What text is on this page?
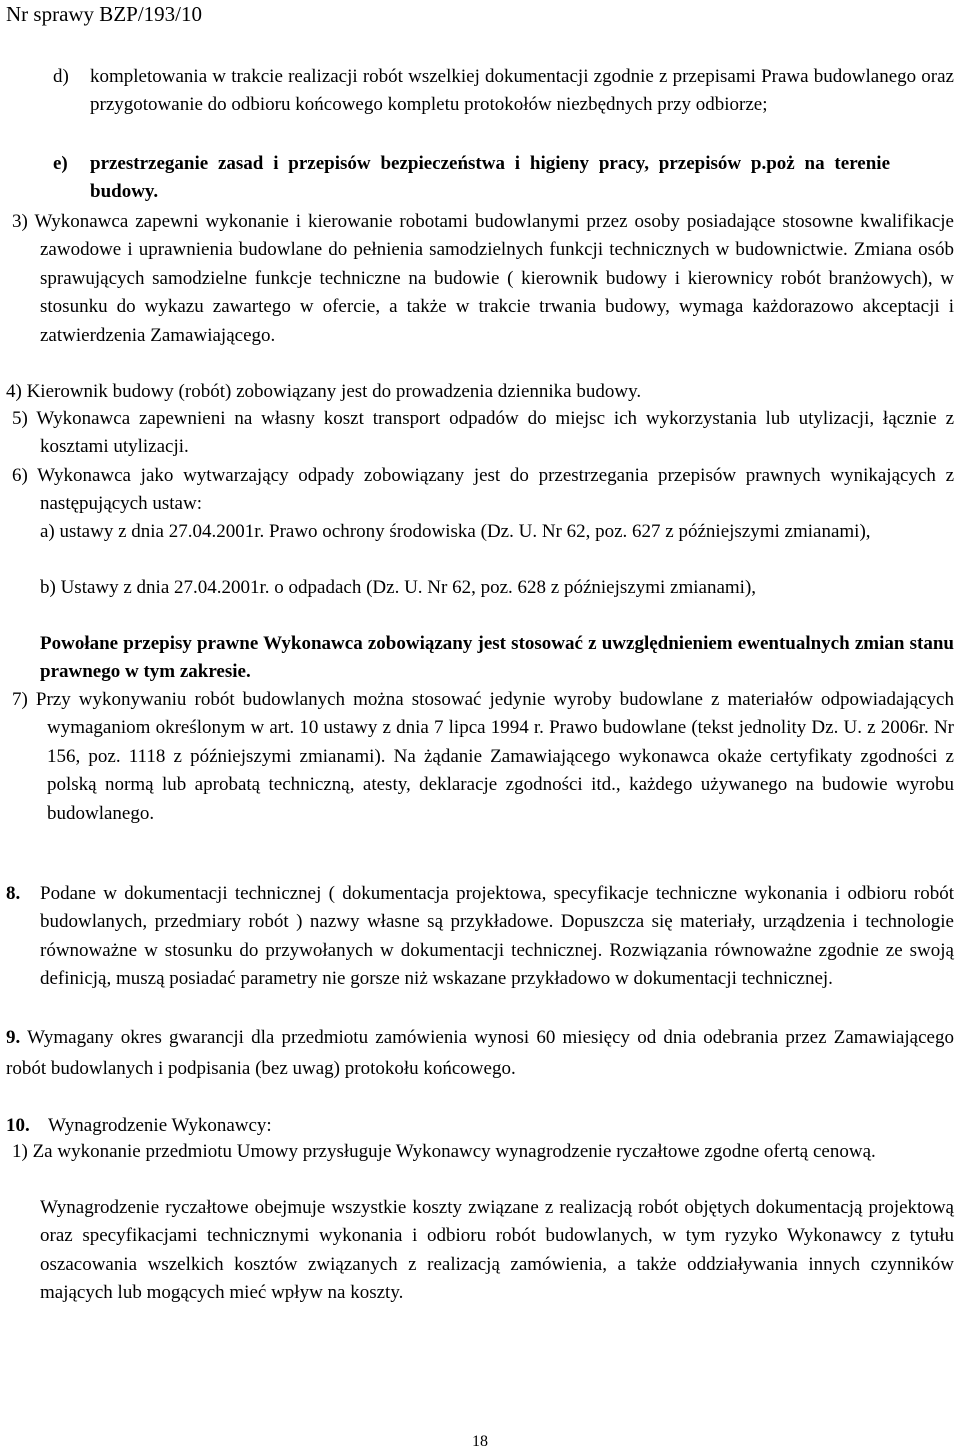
Nr sprawy BZP/193/10
d) kompletowania w trakcie realizacji robót wszelkiej dokumentacji zgodnie z przepisami Prawa budowlanego oraz przygotowanie do odbioru końcowego kompletu protokołów niezbędnych przy odbiorze;

e) przestrzeganie zasad i przepisów bezpieczeństwa i higieny pracy, przepisów p.poż na terenie budowy.

3) Wykonawca zapewni wykonanie i kierowanie robotami budowlanymi przez osoby posiadające stosowne kwalifikacje zawodowe i uprawnienia budowlane do pełnienia samodzielnych funkcji technicznych w budownictwie. Zmiana osób sprawujących samodzielne funkcje techniczne na budowie ( kierownik budowy i kierownicy robót branżowych), w stosunku do wykazu zawartego w ofercie, a także w trakcie trwania budowy, wymaga każdorazowo akceptacji i zatwierdzenia Zamawiającego.

4) Kierownik budowy (robót) zobowiązany jest do prowadzenia dziennika budowy.

5) Wykonawca zapewnieni na własny koszt transport odpadów do miejsc ich wykorzystania lub utylizacji, łącznie z kosztami utylizacji.

6) Wykonawca jako wytwarzający odpady zobowiązany jest do przestrzegania przepisów prawnych wynikających z następujących ustaw:

a) ustawy z dnia 27.04.2001r. Prawo ochrony środowiska (Dz. U. Nr 62, poz. 627 z późniejszymi zmianami),

b) Ustawy z dnia 27.04.2001r. o odpadach (Dz. U. Nr 62, poz. 628 z późniejszymi zmianami),

Powołane przepisy prawne Wykonawca zobowiązany jest stosować z uwzględnieniem ewentualnych zmian stanu prawnego w tym zakresie.

7) Przy wykonywaniu robót budowlanych można stosować jedynie wyroby budowlane z materiałów odpowiadających wymaganiom określonym w art. 10 ustawy z dnia 7 lipca 1994 r. Prawo budowlane (tekst jednolity Dz. U. z 2006r. Nr 156, poz. 1118 z późniejszymi zmianami). Na żądanie Zamawiającego wykonawca okaże certyfikaty zgodności z polską normą lub aprobatą techniczną, atesty, deklaracje zgodności itd., każdego używanego na budowie wyrobu budowlanego.

8. Podane w dokumentacji technicznej ( dokumentacja projektowa, specyfikacje techniczne wykonania i odbioru robót budowlanych, przedmiary robót ) nazwy własne są przykładowe. Dopuszcza się materiały, urządzenia i technologie równoważne w stosunku do przywołanych w dokumentacji technicznej. Rozwiązania równoważne zgodnie ze swoją definicją, muszą posiadać parametry nie gorsze niż wskazane przykładowo w dokumentacji technicznej.

9. Wymagany okres gwarancji dla przedmiotu zamówienia wynosi 60 miesięcy od dnia odebrania przez Zamawiającego robót budowlanych i podpisania (bez uwag) protokołu końcowego.

10. Wynagrodzenie Wykonawcy:

1) Za wykonanie przedmiotu Umowy przysługuje Wykonawcy wynagrodzenie ryczałtowe zgodne ofertą cenową.

Wynagrodzenie ryczałtowe obejmuje wszystkie koszty związane z realizacją robót objętych dokumentacją projektową oraz specyfikacjami technicznymi wykonania i odbioru robót budowlanych, w tym ryzyko Wykonawcy z tytułu oszacowania wszelkich kosztów związanych z realizacją zamówienia, a także oddziaływania innych czynników mających lub mogących mieć wpływ na koszty.

18
